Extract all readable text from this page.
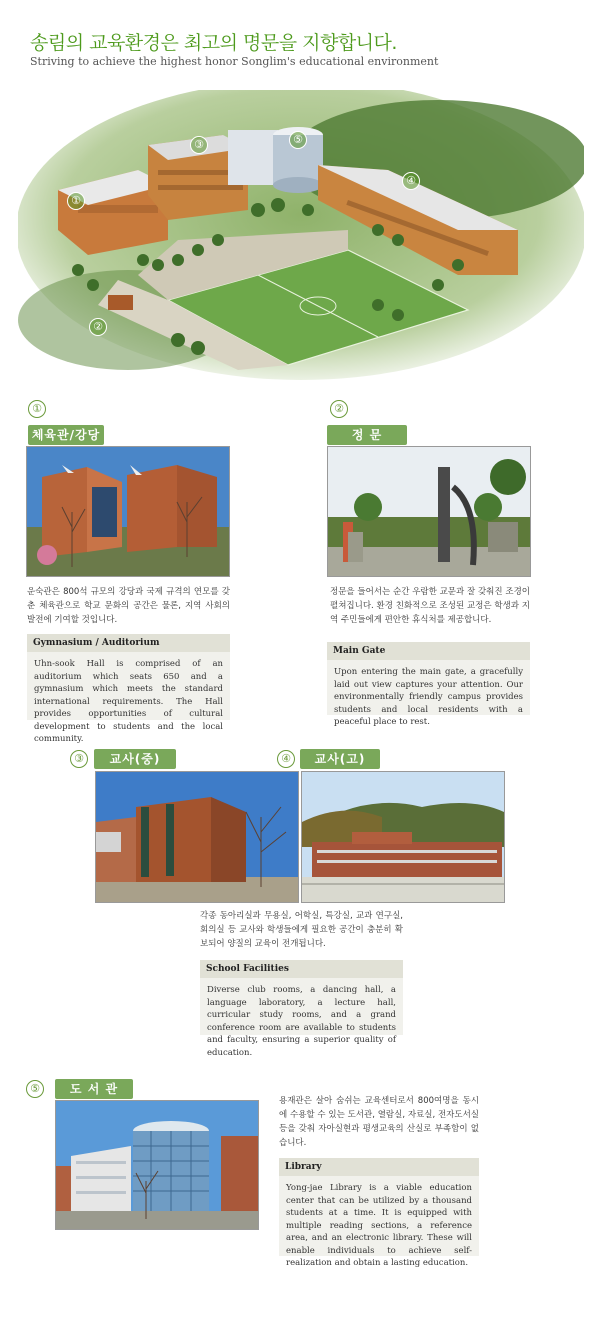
송림의 교육환경은 최고의 명문을 지향합니다.
Striving to achieve the highest honor Songlim's educational environment
①
②
③
④
⑤
①
체육관/강당
운숙관은 800석 규모의 강당과 국제 규격의 연모를 갖춘 체육관으로 학교 문화의 공간은 물론, 지역 사회의 발전에 기여할 것입니다.
Gymnasium / Auditorium
Uhn-sook Hall is comprised of an auditorium which seats 650 and a gymnasium which meets the standard international requirements. The Hall provides opportunities of cultural development to students and the local community.
②
정 문
정문을 들어서는 순간 우람한 교문과 잘 갖춰진 조경이 펼쳐집니다. 환경 친화적으로 조성된 교정은 학생과 지역 주민들에게 편안한 휴식처를 제공합니다.
Main Gate
Upon entering the main gate, a gracefully laid out view captures your attention. Our environmentally friendly campus provides students and local residents with a peaceful place to rest.
③	교사(중)	④	교사(고)
각종 동아리실과 무용실, 어학실, 특강실, 교과 연구실, 회의실 등 교사와 학생들에게 필요한 공간이 충분히 확보되어 양질의 교육이 전개됩니다.
School Facilities
Diverse club rooms, a dancing hall, a language laboratory, a lecture hall, curricular study rooms, and a grand conference room are available to students and faculty, ensuring a superior quality of education.
⑤	도 서 관
용재관은 살아 숨쉬는 교육센터로서 800여명을 동시에 수용할 수 있는 도서관, 열람실, 자료실, 전자도서실 등을 갖춰 자아실현과 평생교육의 산실로 부족함이 없습니다.
Library
Yong-jae Library is a viable education center that can be utilized by a thousand students at a time. It is equipped with multiple reading sections, a reference area, and an electronic library. These will enable individuals to achieve self-realization and obtain a lasting education.
